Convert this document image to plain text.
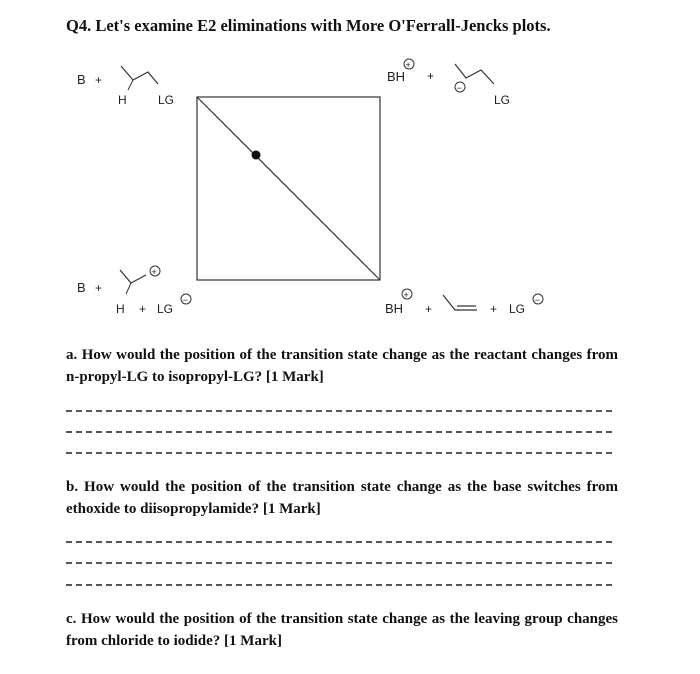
Q4. Let's examine E2 eliminations with More O'Ferrall-Jencks plots.
B +
H	LG
BH
+
+
−
LG
B +
+
H + LG
−
BH
+
+	+ LG
−
a. How would the position of the transition state change as the reactant changes from n-propyl-LG to isopropyl-LG? [1 Mark]
b. How would the position of the transition state change as the base switches from ethoxide to diisopropylamide? [1 Mark]
c. How would the position of the transition state change as the leaving group changes from chloride to iodide? [1 Mark]
